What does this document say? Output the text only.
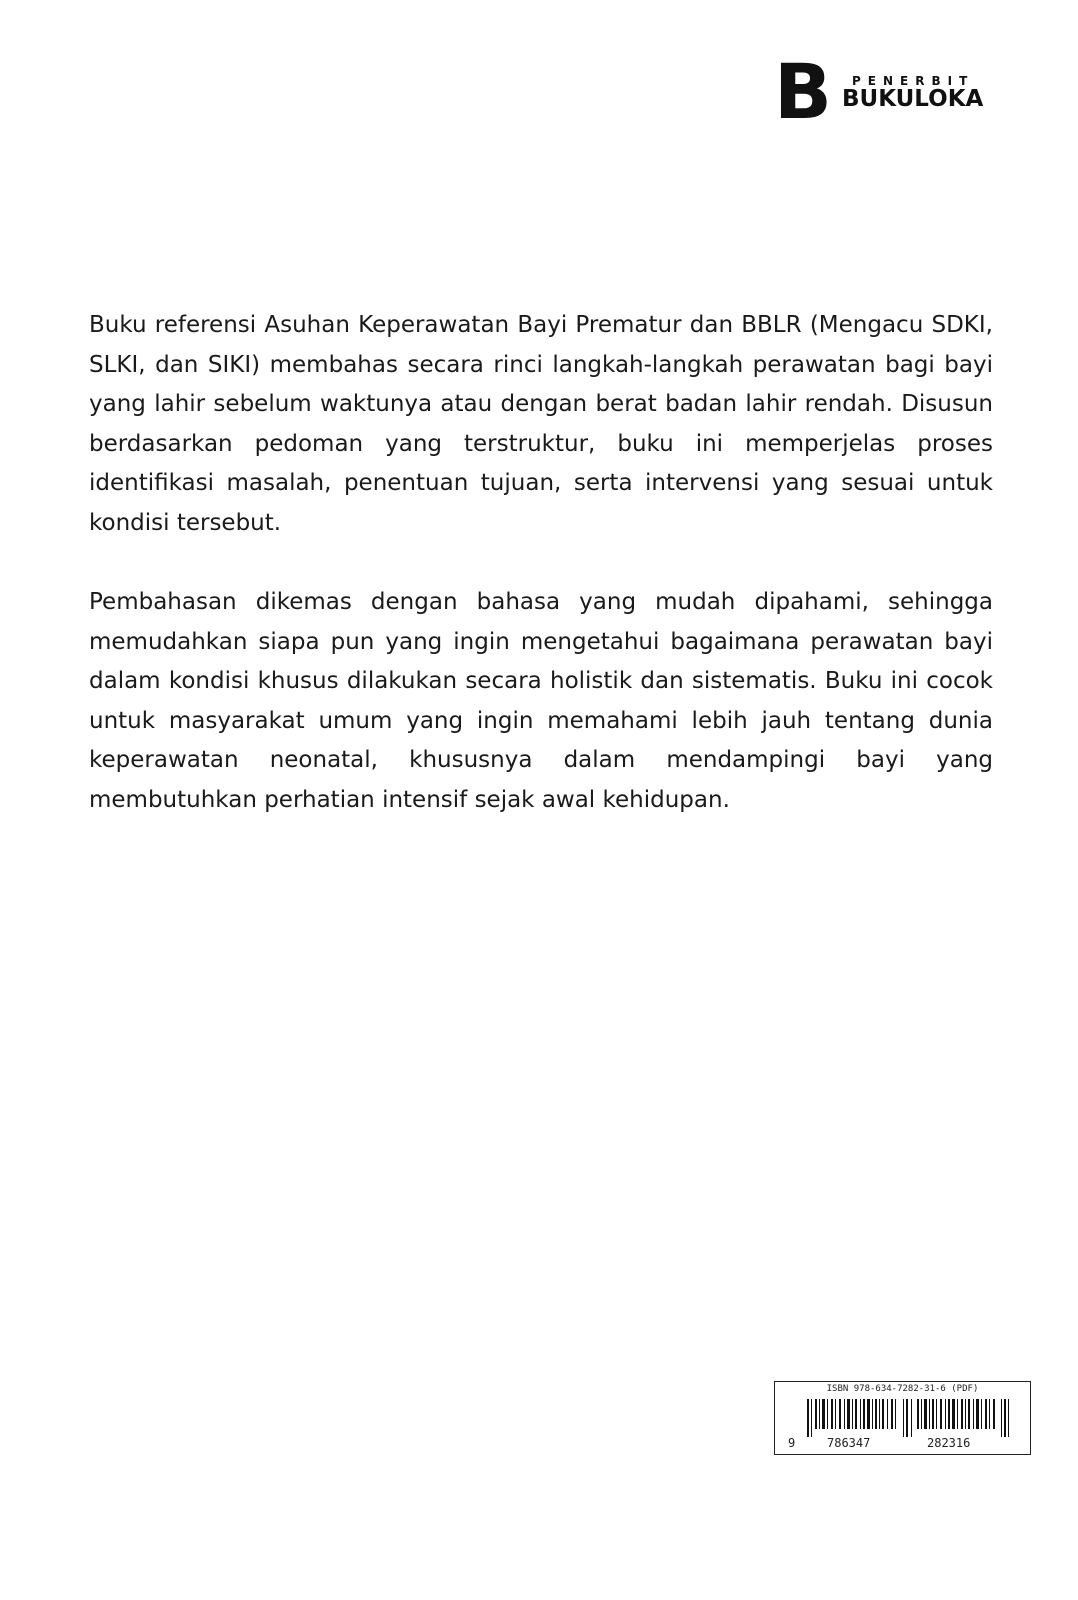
B PENERBIT
BUKULOKA

Buku referensi Asuhan Keperawatan Bayi Prematur dan BBLR (Mengacu SDKI, SLKI, dan SIKI) membahas secara rinci langkah-langkah perawatan bagi bayi yang lahir sebelum waktunya atau dengan berat badan lahir rendah. Disusun berdasarkan pedoman yang terstruktur, buku ini memperjelas proses identifikasi masalah, penentuan tujuan, serta intervensi yang sesuai untuk kondisi tersebut.

Pembahasan dikemas dengan bahasa yang mudah dipahami, sehingga memudahkan siapa pun yang ingin mengetahui bagaimana perawatan bayi dalam kondisi khusus dilakukan secara holistik dan sistematis. Buku ini cocok untuk masyarakat umum yang ingin memahami lebih jauh tentang dunia keperawatan neonatal, khususnya dalam mendampingi bayi yang membutuhkan perhatian intensif sejak awal kehidupan.

ISBN 978-634-7282-31-6 (PDF)
9	786347	282316
